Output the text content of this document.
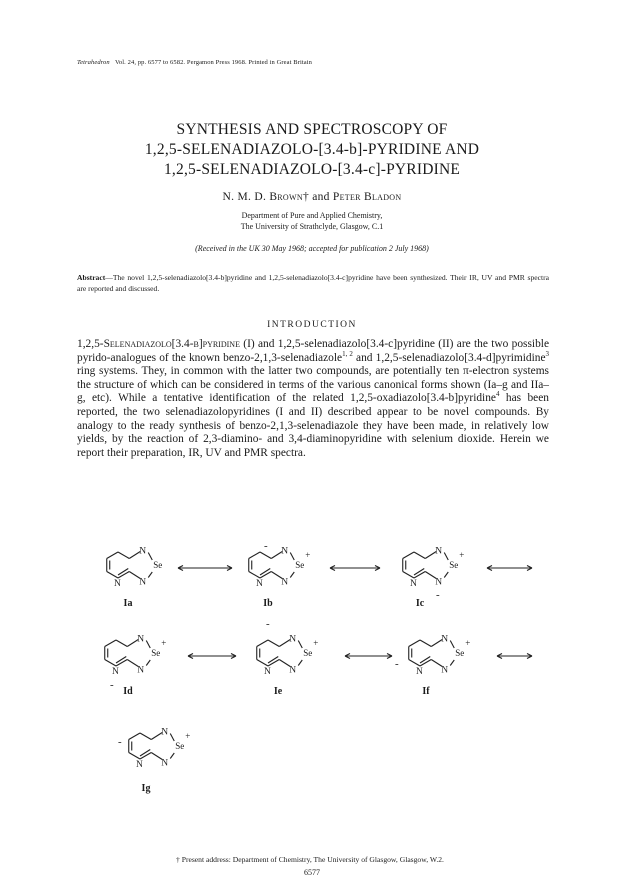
Tetrahedron Vol. 24, pp. 6577 to 6582. Pergamon Press 1968. Printed in Great Britain
SYNTHESIS AND SPECTROSCOPY OF
1,2,5-SELENADIAZOLO-[3.4-b]-PYRIDINE AND
1,2,5-SELENADIAZOLO-[3.4-c]-PYRIDINE
N. M. D. Brown† and Peter Bladon
Department of Pure and Applied Chemistry,
The University of Strathclyde, Glasgow, C.1
(Received in the UK 30 May 1968; accepted for publication 2 July 1968)
Abstract—The novel 1,2,5-selenadiazolo[3.4-b]pyridine and 1,2,5-selenadiazolo[3.4-c]pyridine have been synthesized. Their IR, UV and PMR spectra are reported and discussed.
INTRODUCTION
1,2,5-Selenadiazolo[3.4-b]pyridine (I) and 1,2,5-selenadiazolo[3.4-c]pyridine (II) are the two possible pyrido-analogues of the known benzo-2,1,3-selenadiazole$^{1, 2}$ and 1,2,5-selenadiazolo[3.4-d]pyrimidine$^3$ ring systems. They, in common with the latter two compounds, are potentially ten π-electron systems the structure of which can be considered in terms of the various canonical forms shown (Ia–g and IIa–g, etc). While a tentative identification of the related 1,2,5-oxadiazolo[3.4-b]pyridine$^4$ has been reported, the two selenadiazolopyridines (I and II) described appear to be novel compounds. By analogy to the ready synthesis of benzo-2,1,3-selenadiazole they have been made, in relatively low yields, by the reaction of 2,3-diamino- and 3,4-diaminopyridine with selenium dioxide. Herein we report their preparation, IR, UV and PMR spectra.
N
N
N
Se
N
N
N
Se
+
-
N
N
N
Se
+
-
N
N
N
Se
+
-
N
N
N
Se
+
-
N
N
N
Se
+
-
N
N
N
Se
+
-
Ia	Ib	Ic
Id	Ie	If
Ig
† Present address: Department of Chemistry, The University of Glasgow, Glasgow, W.2.
6577
